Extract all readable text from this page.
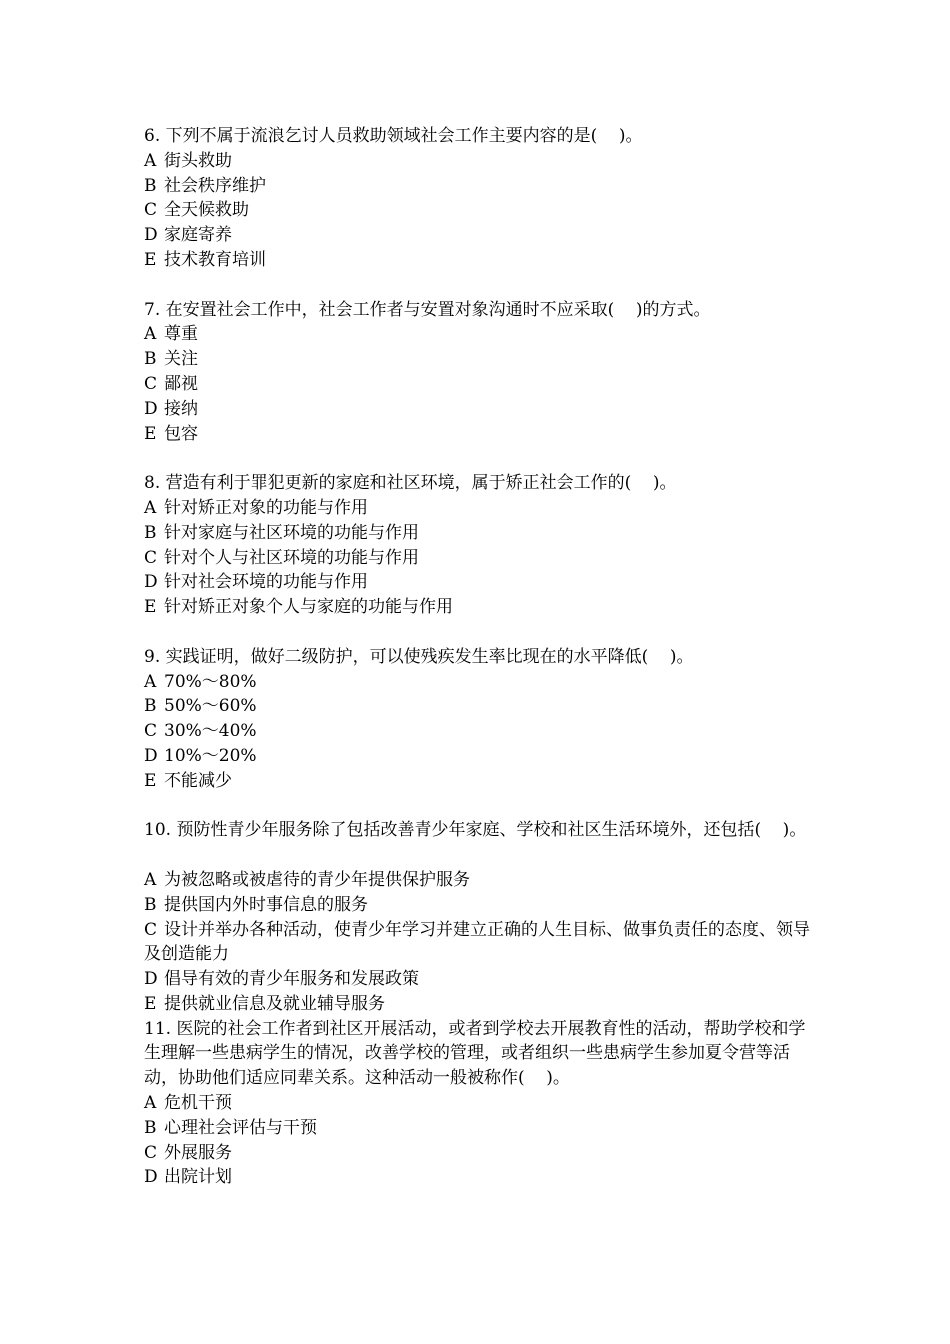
6. 下列不属于流浪乞讨人员救助领域社会工作主要内容的是(    )。

A 街头救助

B 社会秩序维护

C 全天候救助

D 家庭寄养

E 技术教育培训

7. 在安置社会工作中，社会工作者与安置对象沟通时不应采取(    )的方式。

A 尊重

B 关注

C 鄙视

D 接纳

E 包容

8. 营造有利于罪犯更新的家庭和社区环境，属于矫正社会工作的(    )。

A 针对矫正对象的功能与作用

B 针对家庭与社区环境的功能与作用

C 针对个人与社区环境的功能与作用

D 针对社会环境的功能与作用

E 针对矫正对象个人与家庭的功能与作用

9. 实践证明，做好二级防护，可以使残疾发生率比现在的水平降低(    )。

A 70%～80%

B 50%～60%

C 30%～40%

D 10%～20%

E 不能减少

10. 预防性青少年服务除了包括改善青少年家庭、学校和社区生活环境外，还包括(    )。

A 为被忽略或被虐待的青少年提供保护服务

B 提供国内外时事信息的服务

C 设计并举办各种活动，使青少年学习并建立正确的人生目标、做事负责任的态度、领导及创造能力

D 倡导有效的青少年服务和发展政策

E 提供就业信息及就业辅导服务

11. 医院的社会工作者到社区开展活动，或者到学校去开展教育性的活动，帮助学校和学生理解一些患病学生的情况，改善学校的管理，或者组织一些患病学生参加夏令营等活动，协助他们适应同辈关系。这种活动一般被称作(    )。

A 危机干预

B 心理社会评估与干预

C 外展服务

D 出院计划
